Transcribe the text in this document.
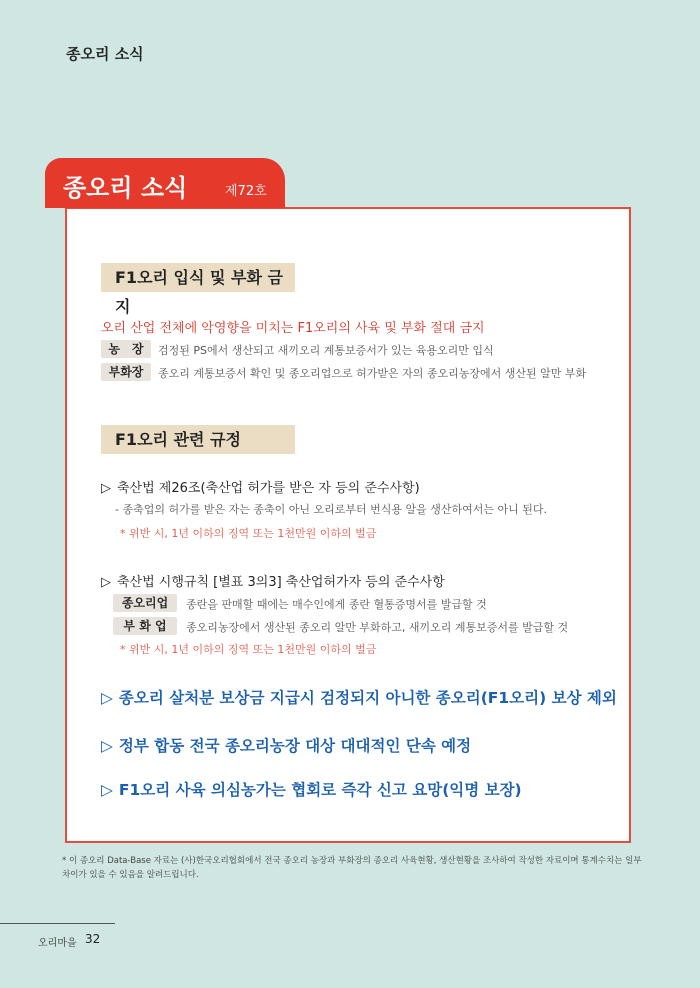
종오리 소식
종오리 소식	제72호
F1오리 입식 및 부화 금지
오리 산업 전체에 악영향을 미치는 F1오리의 사육 및 부화 절대 금지
농　장	검정된 PS에서 생산되고 새끼오리 계통보증서가 있는 육용오리만 입식
부화장	종오리 계통보증서 확인 및 종오리업으로 허가받은 자의 종오리농장에서 생산된 알만 부화
F1오리 관련 규정
▷ 축산법 제26조(축산업 허가를 받은 자 등의 준수사항)
- 종축업의 허가를 받은 자는 종축이 아닌 오리로부터 번식용 알을 생산하여서는 아니 된다.
* 위반 시, 1년 이하의 징역 또는 1천만원 이하의 벌금
▷ 축산법 시행규칙 [별표 3의3] 축산업허가자 등의 준수사항
종오리업	종란을 판매할 때에는 매수인에게 종란 혈통증명서를 발급할 것
부 화 업	종오리농장에서 생산된 종오리 알만 부화하고, 새끼오리 계통보증서를 발급할 것
* 위반 시, 1년 이하의 징역 또는 1천만원 이하의 벌금
▷ 종오리 살처분 보상금 지급시 검정되지 아니한 종오리(F1오리) 보상 제외
▷ 정부 합동 전국 종오리농장 대상 대대적인 단속 예정
▷ F1오리 사육 의심농가는 협회로 즉각 신고 요망(익명 보장)
* 이 종오리 Data-Base 자료는 (사)한국오리협회에서 전국 종오리 농장과 부화장의 종오리 사육현황, 생산현황을 조사하여 작성한 자료이며 통계수치는 일부 차이가 있을 수 있음을 알려드립니다.
오리마을 32
